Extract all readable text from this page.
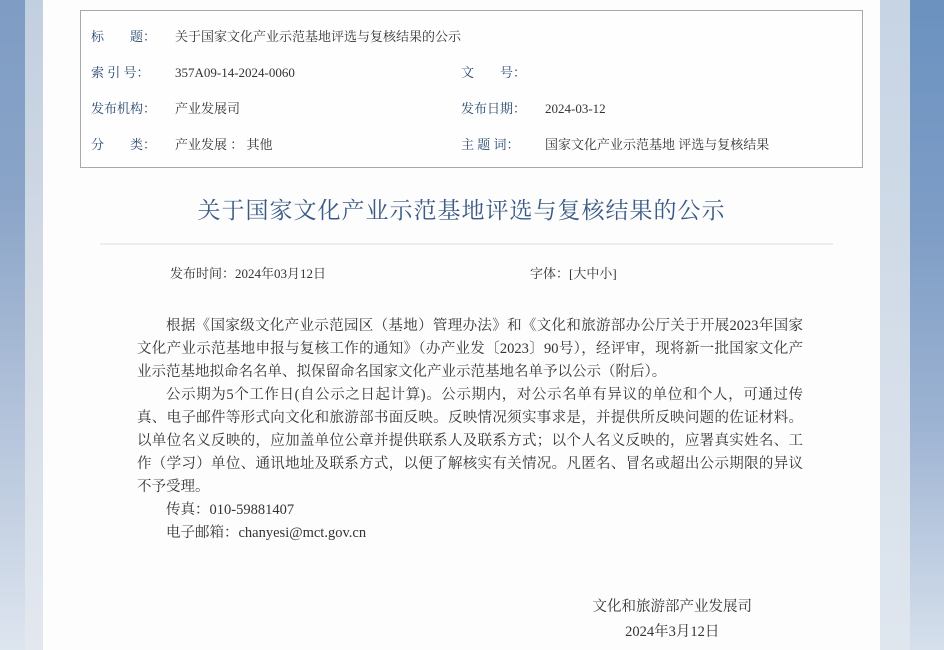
标　　题：	关于国家文化产业示范基地评选与复核结果的公示
索 引 号：	357A09-14-2024-0060	文　　号：
发布机构：	产业发展司	发布日期：	2024-03-12
分　　类：	产业发展 ： 其他	主 题 词：	国家文化产业示范基地 评选与复核结果
关于国家文化产业示范基地评选与复核结果的公示
发布时间：2024年03月12日	字体：[大中小]

根据《国家级文化产业示范园区（基地）管理办法》和《文化和旅游部办公厅关于开展2023年国家文化产业示范基地申报与复核工作的通知》（办产业发〔2023〕90号），经评审，现将新一批国家文化产业示范基地拟命名名单、拟保留命名国家文化产业示范基地名单予以公示（附后）。

公示期为5个工作日(自公示之日起计算)。公示期内，对公示名单有异议的单位和个人，可通过传真、电子邮件等形式向文化和旅游部书面反映。反映情况须实事求是，并提供所反映问题的佐证材料。以单位名义反映的，应加盖单位公章并提供联系人及联系方式；以个人名义反映的，应署真实姓名、工作（学习）单位、通讯地址及联系方式，以便了解核实有关情况。凡匿名、冒名或超出公示期限的异议不予受理。

传真：010-59881407

电子邮箱：chanyesi@mct.gov.cn

文化和旅游部产业发展司
2024年3月12日
